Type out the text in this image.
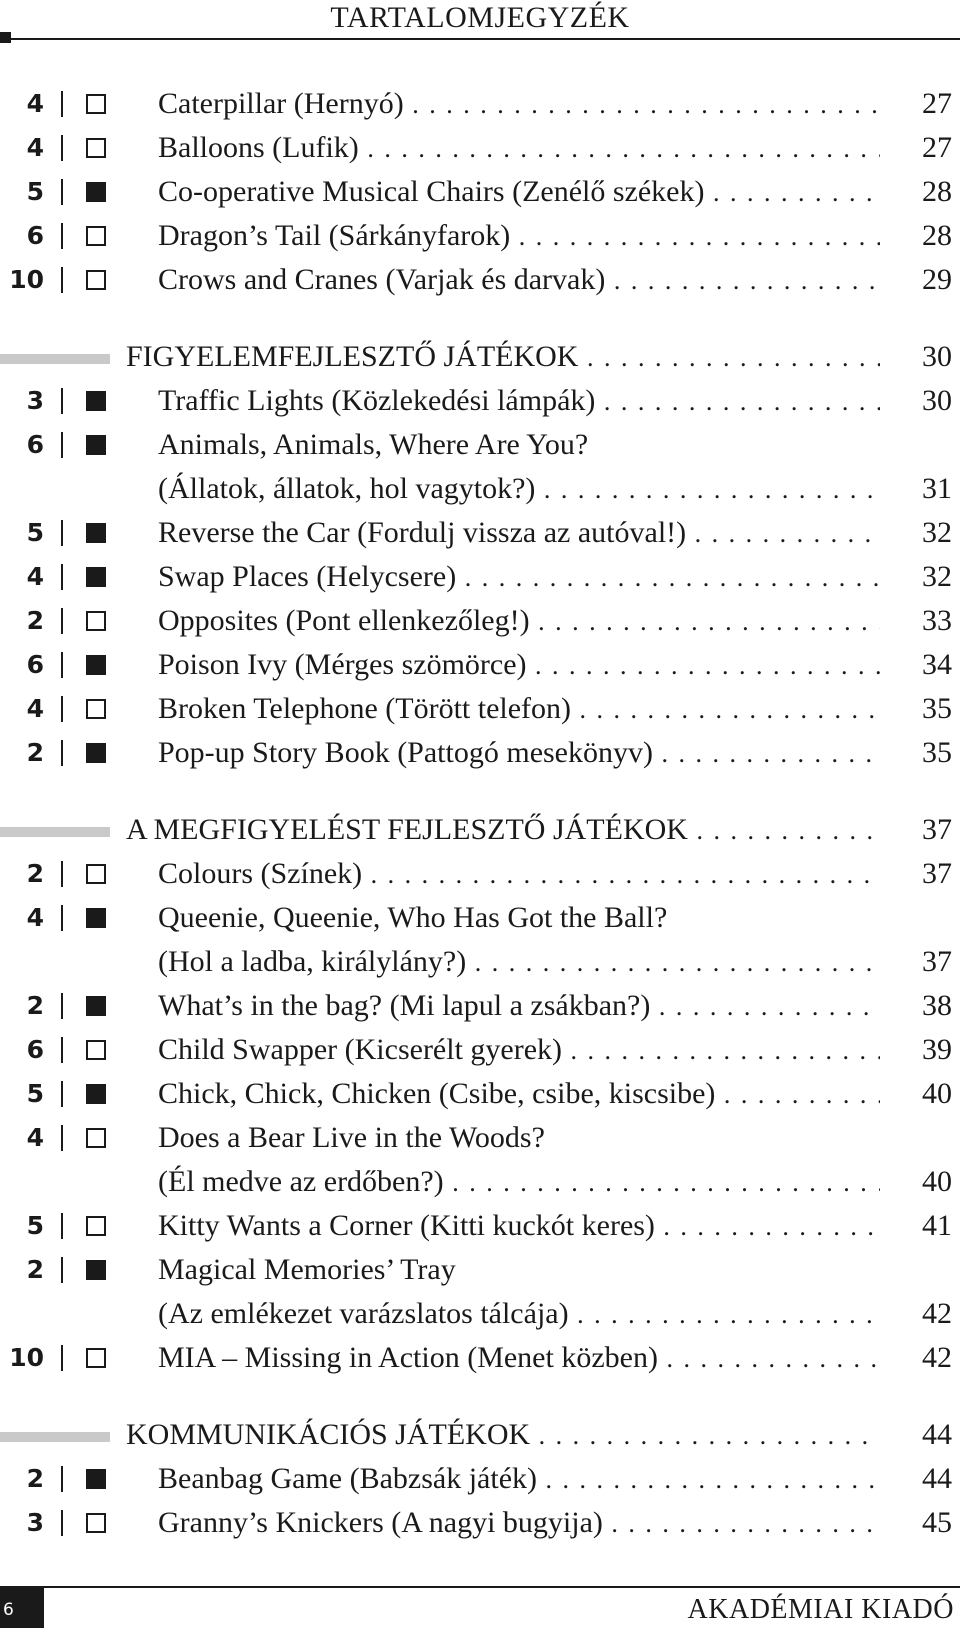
TARTALOMJEGYZÉK
4	Caterpillar (Hernyó) . . .	27
4	Balloons (Lufik) . . .	27
5	Co-operative Musical Chairs (Zenélő székek) . . .	28
6	Dragon’s Tail (Sárkányfarok) . . .	28
10	Crows and Cranes (Varjak és darvak) . . .	29
FIGYELEMFEJLESZTŐ JÁTÉKOK . . .	30
3	Traffic Lights (Közlekedési lámpák) . . .	30
6	Animals, Animals, Where Are You?
(Állatok, állatok, hol vagytok?) . . .	31
5	Reverse the Car (Fordulj vissza az autóval!) . . .	32
4	Swap Places (Helycsere) . . .	32
2	Opposites (Pont ellenkezőleg!) . . .	33
6	Poison Ivy (Mérges szömörce) . . .	34
4	Broken Telephone (Törött telefon) . . .	35
2	Pop-up Story Book (Pattogó mesekönyv) . . .	35
A MEGFIGYELÉST FEJLESZTŐ JÁTÉKOK . . .	37
2	Colours (Színek) . . .	37
4	Queenie, Queenie, Who Has Got the Ball?
(Hol a ladba, királylány?) . . .	37
2	What’s in the bag? (Mi lapul a zsákban?) . . .	38
6	Child Swapper (Kicserélt gyerek) . . .	39
5	Chick, Chick, Chicken (Csibe, csibe, kiscsibe) . . .	40
4	Does a Bear Live in the Woods?
(Él medve az erdőben?) . . .	40
5	Kitty Wants a Corner (Kitti kuckót keres) . . .	41
2	Magical Memories’ Tray
(Az emlékezet varázslatos tálcája) . . .	42
10	MIA – Missing in Action (Menet közben) . . .	42
KOMMUNIKÁCIÓS JÁTÉKOK . . .	44
2	Beanbag Game (Babzsák játék) . . .	44
3	Granny’s Knickers (A nagyi bugyija) . . .	45
6	AKADÉMIAI KIADÓ
